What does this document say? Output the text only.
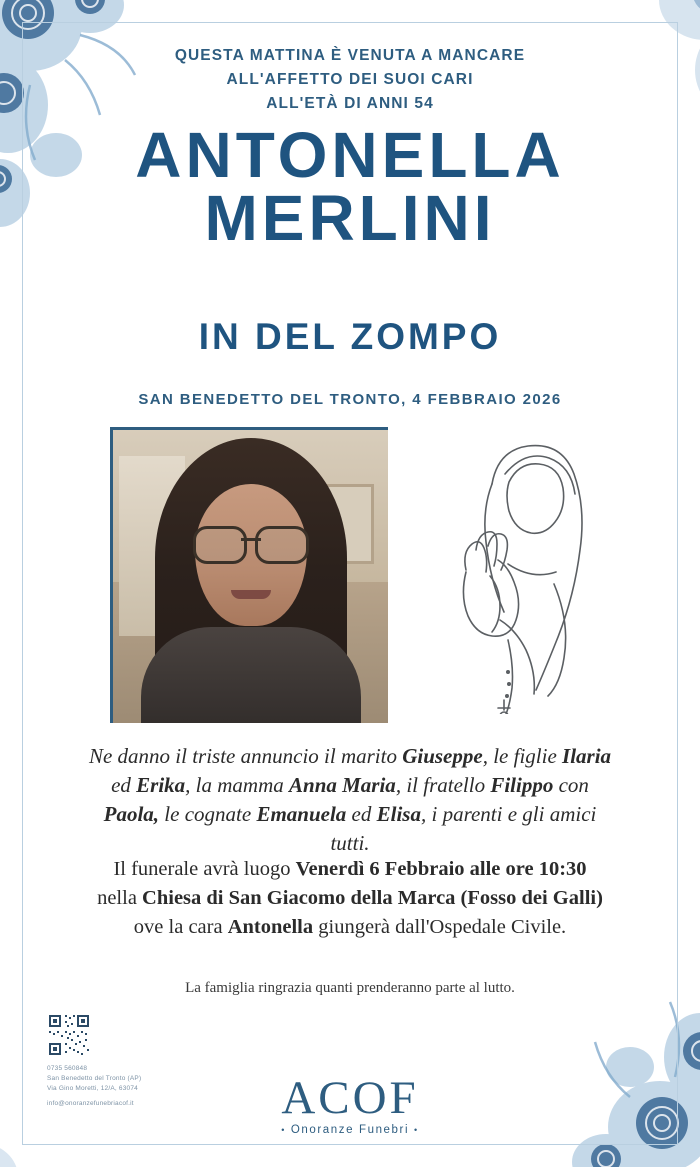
QUESTA MATTINA È VENUTA A MANCARE
ALL'AFFETTO DEI SUOI CARI
ALL'ETÀ DI ANNI 54
ANTONELLA
MERLINI
IN DEL ZOMPO
SAN BENEDETTO DEL TRONTO, 4 FEBBRAIO 2026
Ne danno il triste annuncio il marito Giuseppe, le figlie Ilaria ed Erika, la mamma Anna Maria, il fratello Filippo con Paola, le cognate Emanuela ed Elisa, i parenti e gli amici tutti.
Il funerale avrà luogo Venerdì 6 Febbraio alle ore 10:30 nella Chiesa di San Giacomo della Marca (Fosso dei Galli) ove la cara Antonella giungerà dall'Ospedale Civile.
La famiglia ringrazia quanti prenderanno parte al lutto.
0735 560848
San Benedetto del Tronto (AP)
Via Gino Moretti, 12/A, 63074
info@onoranzefunebriacof.it	ACOF
• Onoranze Funebri •
